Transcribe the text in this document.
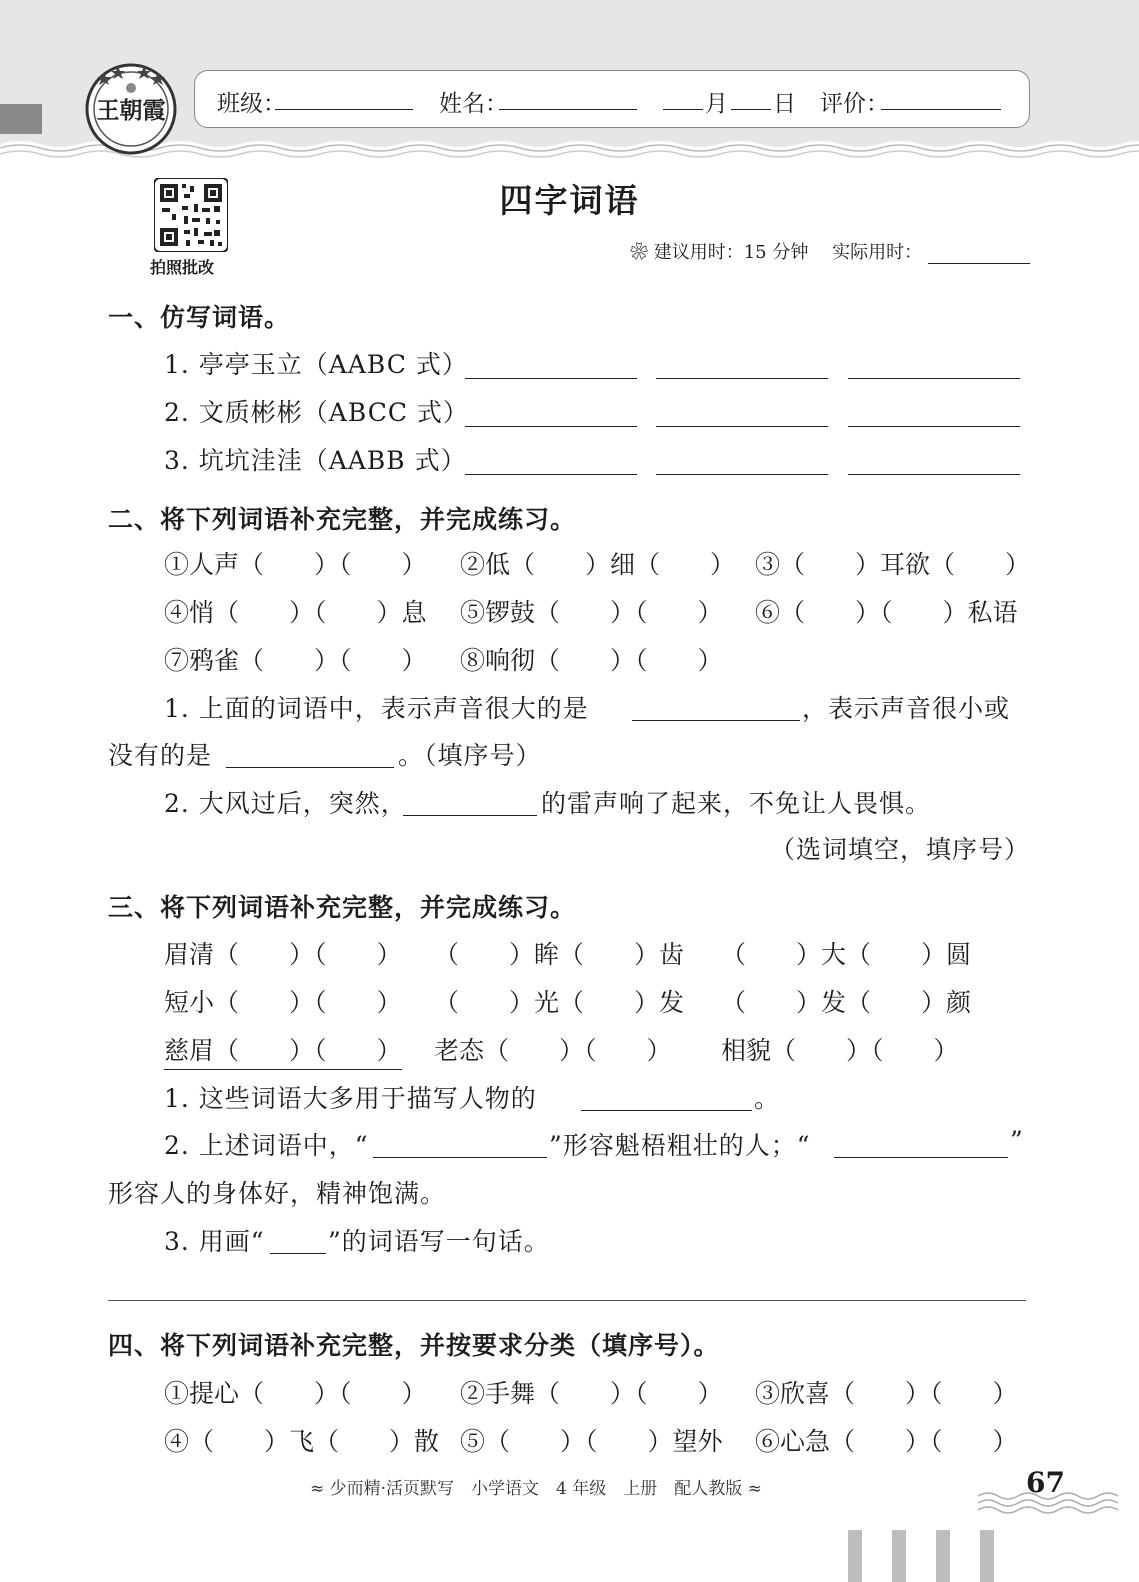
王朝霞 班级：	姓名：	月 日 评价：
拍照批改
四字词语
❀ 建议用时：15 分钟 实际用时：
一、仿写词语。
1. 亭亭玉立（AABC 式）
2. 文质彬彬（ABCC 式）
3. 坑坑洼洼（AABB 式）
二、将下列词语补充完整，并完成练习。
①人声（　　）（　　） ②低（　　）细（　　） ③（　　）耳欲（　　）
④悄（　　）（　　）息 ⑤锣鼓（　　）（　　） ⑥（　　）（　　）私语
⑦鸦雀（　　）（　　） ⑧响彻（　　）（　　）
1. 上面的词语中，表示声音很大的是	，表示声音很小或
没有的是	。（填序号）
2. 大风过后，突然，	的雷声响了起来，不免让人畏惧。
（选词填空，填序号）
三、将下列词语补充完整，并完成练习。
眉清（　　）（　　） （　　）眸（　　）齿 （　　）大（　　）圆
短小（　　）（　　） （　　）光（　　）发 （　　）发（　　）颜
慈眉（　　）（　　） 老态（　　）（　　） 相貌（　　）（　　）
1. 这些词语大多用于描写人物的	。
2. 上述词语中，“	”形容魁梧粗壮的人；“	”
形容人的身体好，精神饱满。
3. 用画“	”的词语写一句话。
四、将下列词语补充完整，并按要求分类（填序号）。
①提心（　　）（　　） ②手舞（　　）（　　） ③欣喜（　　）（　　）
④（　　）飞（　　）散 ⑤（　　）（　　）望外 ⑥心急（　　）（　　）
≈ 少而精·活页默写　小学语文　4 年级　上册　配人教版 ≈	67
